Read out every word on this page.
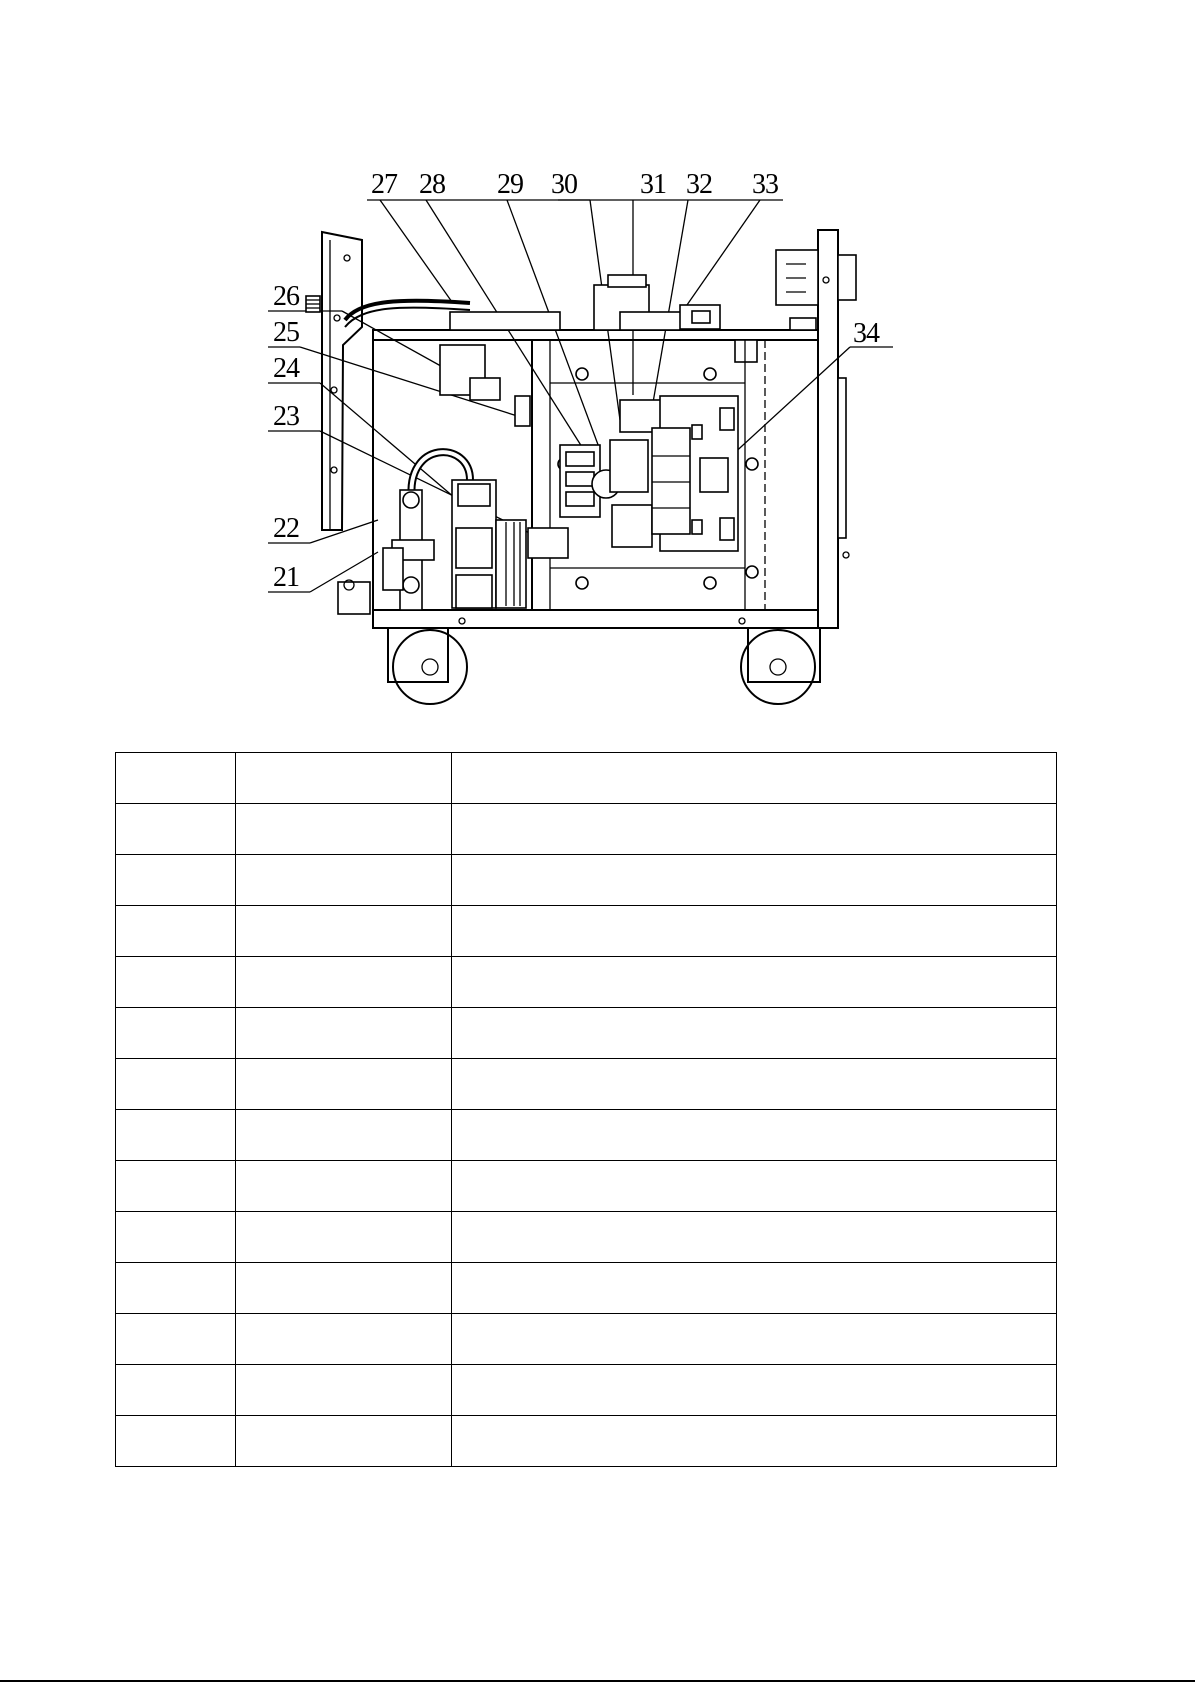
27 28 29 30 31 32 33
26
25
24
23
22
21
34
